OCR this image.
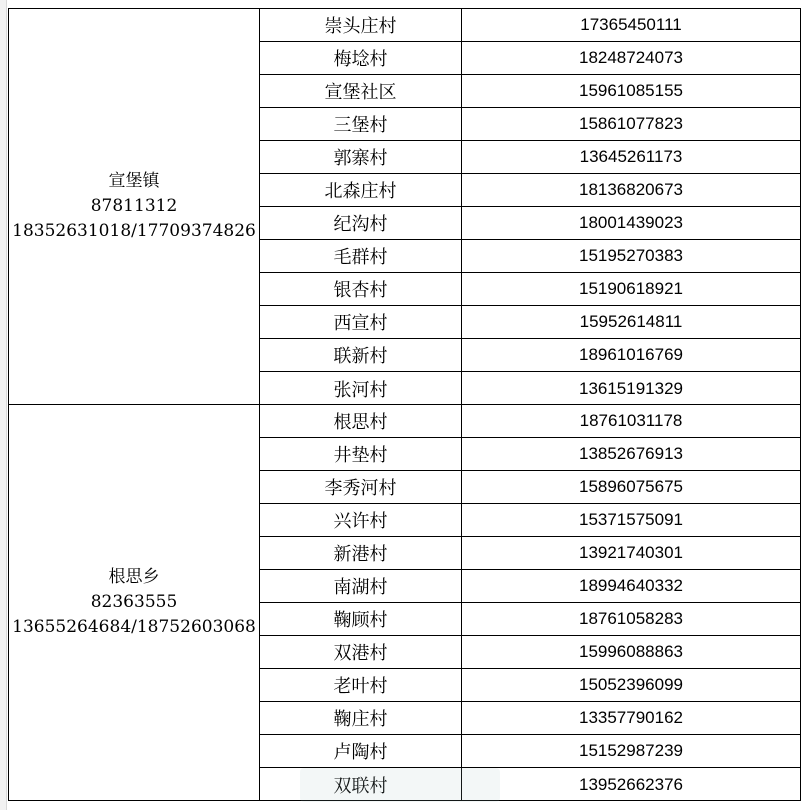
宣堡镇
87811312
18352631018/17709374826
崇头庄村	17365450111
梅埝村	18248724073
宣堡社区	15961085155
三堡村	15861077823
郭寨村	13645261173
北森庄村	18136820673
纪沟村	18001439023
毛群村	15195270383
银杏村	15190618921
西宣村	15952614811
联新村	18961016769
张河村	13615191329
根思乡
82363555
13655264684/18752603068
根思村	18761031178
井垫村	13852676913
李秀河村	15896075675
兴许村	15371575091
新港村	13921740301
南湖村	18994640332
鞠顾村	18761058283
双港村	15996088863
老叶村	15052396099
鞠庄村	13357790162
卢陶村	15152987239
双联村	13952662376
